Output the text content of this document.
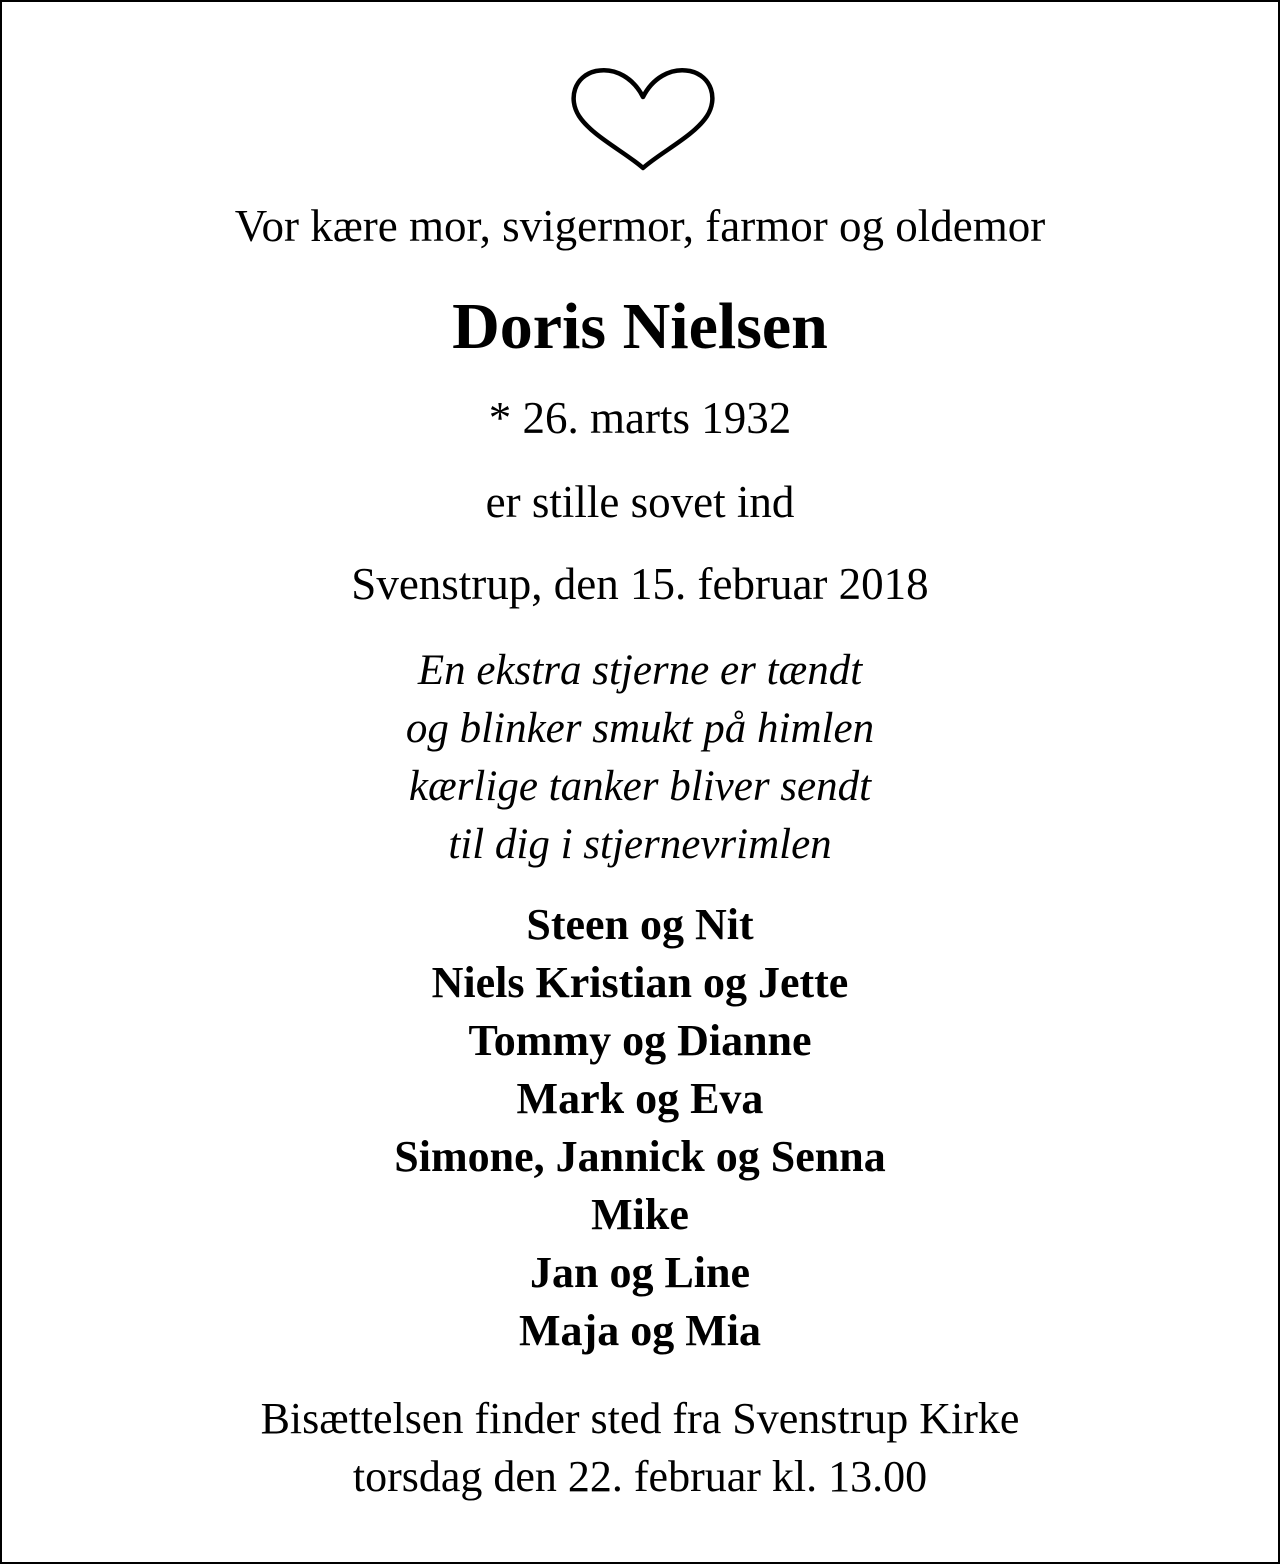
Vor kære mor, svigermor, farmor og oldemor
Doris Nielsen
* 26. marts 1932
er stille sovet ind
Svenstrup, den 15. februar 2018
En ekstra stjerne er tændt
og blinker smukt på himlen
kærlige tanker bliver sendt
til dig i stjernevrimlen
Steen og Nit
Niels Kristian og Jette
Tommy og Dianne
Mark og Eva
Simone, Jannick og Senna
Mike
Jan og Line
Maja og Mia
Bisættelsen finder sted fra Svenstrup Kirke
torsdag den 22. februar kl. 13.00
